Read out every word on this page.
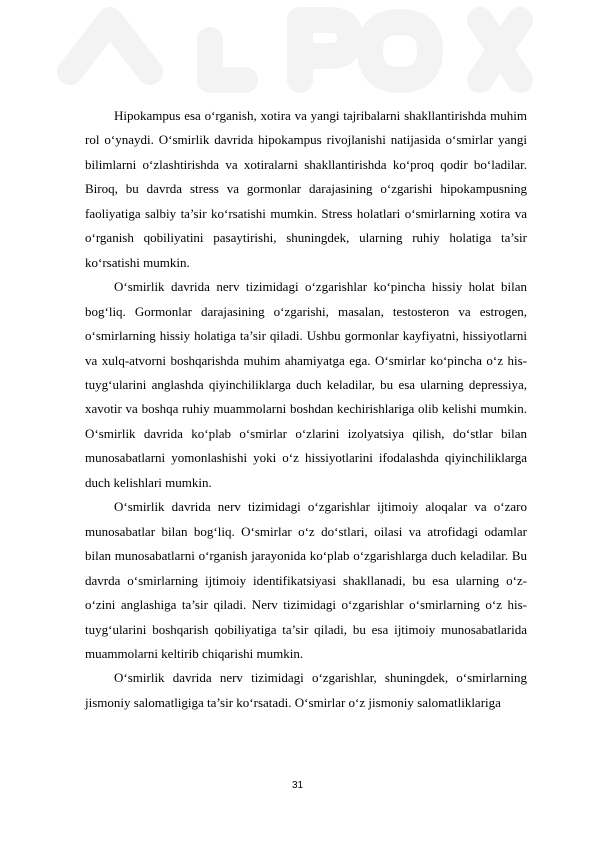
Hipokampus esa o‘rganish, xotira va yangi tajribalarni shakllantirishda muhim rol o‘ynaydi. O‘smirlik davrida hipokampus rivojlanishi natijasida o‘smirlar yangi bilimlarni o‘zlashtirishda va xotiralarni shakllantirishda ko‘proq qodir bo‘ladilar. Biroq, bu davrda stress va gormonlar darajasining o‘zgarishi hipokampusning faoliyatiga salbiy ta’sir ko‘rsatishi mumkin. Stress holatlari o‘smirlarning xotira va o‘rganish qobiliyatini pasaytirishi, shuningdek, ularning ruhiy holatiga ta’sir ko‘rsatishi mumkin.

O‘smirlik davrida nerv tizimidagi o‘zgarishlar ko‘pincha hissiy holat bilan bog‘liq. Gormonlar darajasining o‘zgarishi, masalan, testosteron va estrogen, o‘smirlarning hissiy holatiga ta’sir qiladi. Ushbu gormonlar kayfiyatni, hissiyotlarni va xulq-atvorni boshqarishda muhim ahamiyatga ega. O‘smirlar ko‘pincha o‘z his-tuyg‘ularini anglashda qiyinchiliklarga duch keladilar, bu esa ularning depressiya, xavotir va boshqa ruhiy muammolarni boshdan kechirishlariga olib kelishi mumkin. O‘smirlik davrida ko‘plab o‘smirlar o‘zlarini izolyatsiya qilish, do‘stlar bilan munosabatlarni yomonlashishi yoki o‘z hissiyotlarini ifodalashda qiyinchiliklarga duch kelishlari mumkin.

O‘smirlik davrida nerv tizimidagi o‘zgarishlar ijtimoiy aloqalar va o‘zaro munosabatlar bilan bog‘liq. O‘smirlar o‘z do‘stlari, oilasi va atrofidagi odamlar bilan munosabatlarni o‘rganish jarayonida ko‘plab o‘zgarishlarga duch keladilar. Bu davrda o‘smirlarning ijtimoiy identifikatsiyasi shakllanadi, bu esa ularning o‘z-o‘zini anglashiga ta’sir qiladi. Nerv tizimidagi o‘zgarishlar o‘smirlarning o‘z his-tuyg‘ularini boshqarish qobiliyatiga ta’sir qiladi, bu esa ijtimoiy munosabatlarida muammolarni keltirib chiqarishi mumkin.

O‘smirlik davrida nerv tizimidagi o‘zgarishlar, shuningdek, o‘smirlarning jismoniy salomatligiga ta’sir ko‘rsatadi. O‘smirlar o‘z jismoniy salomatliklariga

31
